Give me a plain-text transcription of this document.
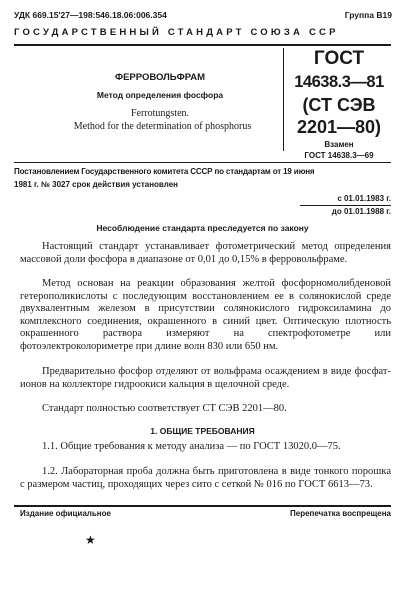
УДК 669.15'27—198:546.18.06:006.354	Группа В19
ГОСУДАРСТВЕННЫЙ СТАНДАРТ СОЮЗА ССР
ФЕРРОВОЛЬФРАМ
Метод определения фосфора
Ferrotungsten.
Method for the determination of phosphorus
ГОСТ
14638.3—81
(СТ СЭВ
2201—80)
Взамен
ГОСТ 14638.3—69
Постановлением Государственного комитета СССР по стандартам от 19 июня
1981 г. № 3027 срок действия установлен
с 01.01.1983 г.
до 01.01.1988 г.
Несоблюдение стандарта преследуется по закону

Настоящий стандарт устанавливает фотометрический метод определения массовой доли фосфора в диапазоне от 0,01 до 0,15% в ферровольфраме.

Метод основан на реакции образования желтой фосфорномолибденовой гетерополикислоты с последующим восстановлением ее в солянокислой среде двухвалентным железом в присутствии солянокислого гидроксиламина до комплексного соединения, окрашенного в синий цвет. Оптическую плотность окрашенного раствора измеряют на спектрофотометре или фотоэлектроколориметре при длине волн 830 или 650 нм.

Предварительно фосфор отделяют от вольфрама осаждением в виде фосфат-ионов на коллекторе гидроокиси кальция в щелочной среде.

Стандарт полностью соответствует СТ СЭВ 2201—80.

1. ОБЩИЕ ТРЕБОВАНИЯ

1.1. Общие требования к методу анализа — по ГОСТ 13020.0—75.

1.2. Лабораторная проба должна быть приготовлена в виде тонкого порошка с размером частиц, проходящих через сито с сеткой № 016 по ГОСТ 6613—73.

Издание официальное	Перепечатка воспрещена
★
